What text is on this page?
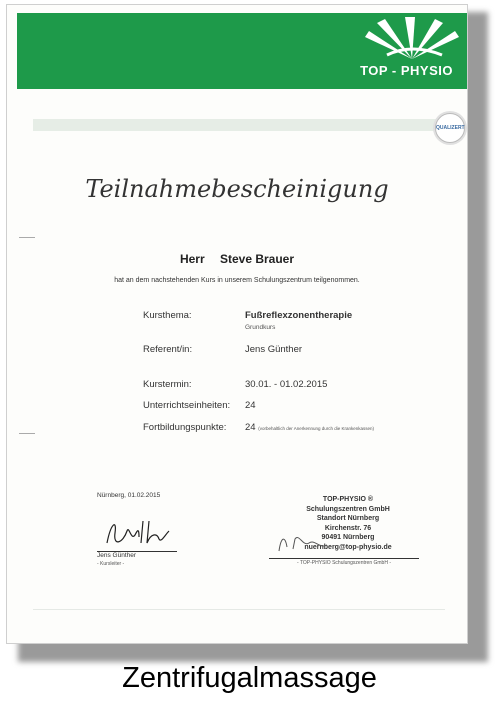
TOP - PHYSIO
QUALIZERT
Teilnahmebescheinigung
Herr Steve Brauer
hat an dem nachstehenden Kurs in unserem Schulungszentrum teilgenommen.
Kursthema:	Fußreflexzonentherapie
Grundkurs
Referent/in:	Jens Günther
Kurstermin:	30.01. - 01.02.2015
Unterrichtseinheiten: 24
Fortbildungspunkte: 24 (vorbehaltlich der Anerkennung durch die Krankenkassen)
Nürnberg, 01.02.2015
Jens Günther
- Kursleiter -
TOP-PHYSIO ®
Schulungszentren GmbH
Standort Nürnberg
Kirchenstr. 76
90491 Nürnberg
nuernberg@top-physio.de
- TOP-PHYSIO Schulungszentren GmbH -
Zentrifugalmassage
